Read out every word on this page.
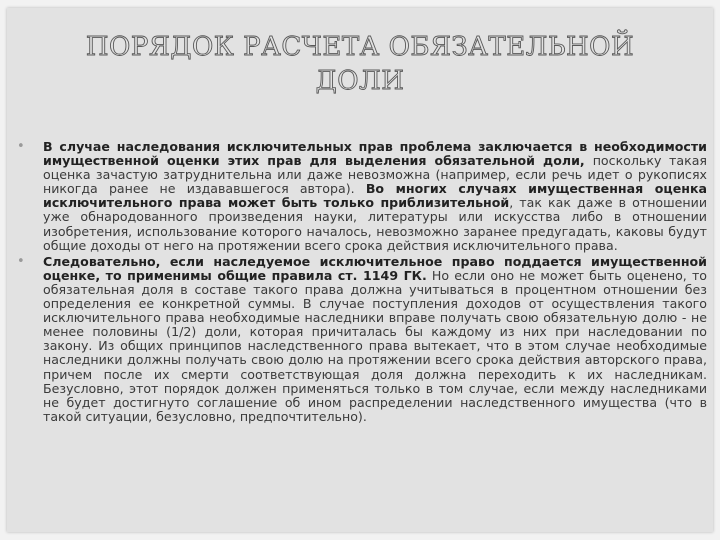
ПОРЯДОК РАСЧЕТА ОБЯЗАТЕЛЬНОЙ
ДОЛИ

• В случае наследования исключительных прав проблема заключается в необходимости имущественной оценки этих прав для выделения обязательной доли, поскольку такая оценка зачастую затруднительна или даже невозможна (например, если речь идет о рукописях никогда ранее не издававшегося автора). Во многих случаях имущественная оценка исключительного права может быть только приблизительной, так как даже в отношении уже обнародованного произведения науки, литературы или искусства либо в отношении изобретения, использование которого началось, невозможно заранее предугадать, каковы будут общие доходы от него на протяжении всего срока действия исключительного права.

• Следовательно, если наследуемое исключительное право поддается имущественной оценке, то применимы общие правила ст. 1149 ГК. Но если оно не может быть оценено, то обязательная доля в составе такого права должна учитываться в процентном отношении без определения ее конкретной суммы. В случае поступления доходов от осуществления такого исключительного права необходимые наследники вправе получать свою обязательную долю - не менее половины (1/2) доли, которая причиталась бы каждому из них при наследовании по закону. Из общих принципов наследственного права вытекает, что в этом случае необходимые наследники должны получать свою долю на протяжении всего срока действия авторского права, причем после их смерти соответствующая доля должна переходить к их наследникам. Безусловно, этот порядок должен применяться только в том случае, если между наследниками не будет достигнуто соглашение об ином распределении наследственного имущества (что в такой ситуации, безусловно, предпочтительно).
